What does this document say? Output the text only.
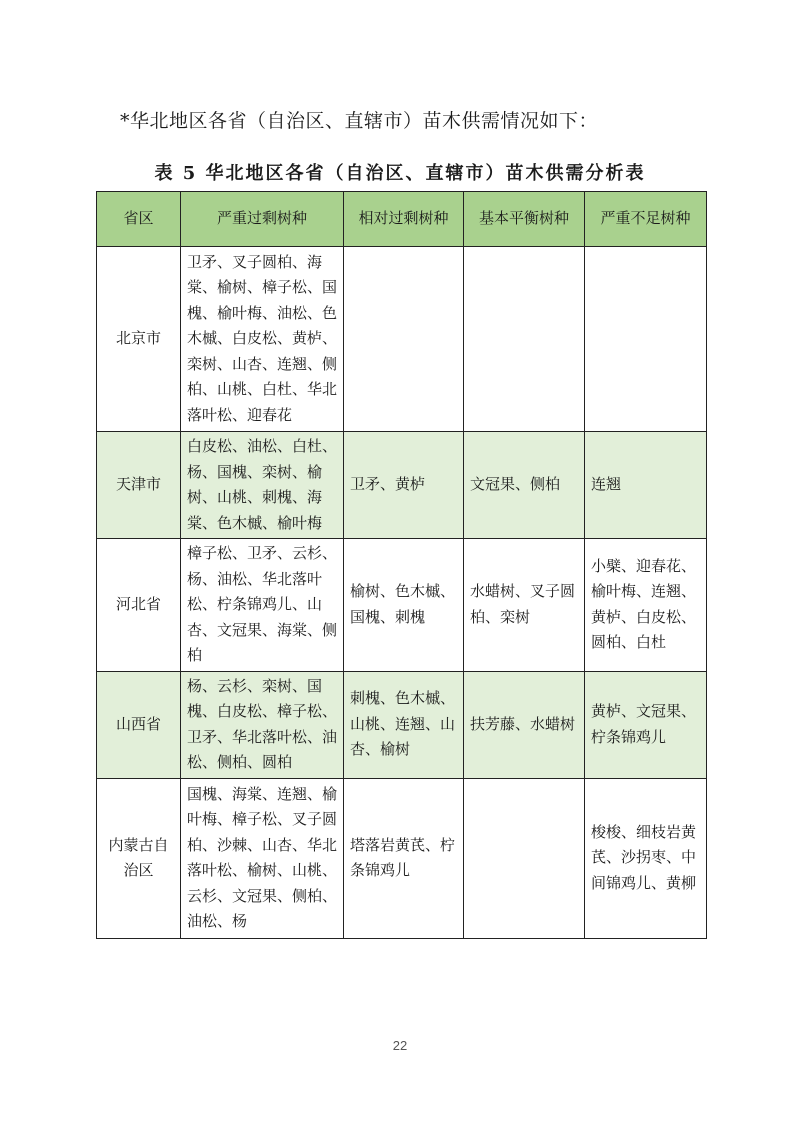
*华北地区各省（自治区、直辖市）苗木供需情况如下：
表 5 华北地区各省（自治区、直辖市）苗木供需分析表
省区	严重过剩树种	相对过剩树种	基本平衡树种	严重不足树种
北京市	卫矛、叉子圆柏、海棠、榆树、樟子松、国槐、榆叶梅、油松、色木槭、白皮松、黄栌、栾树、山杏、连翘、侧柏、山桃、白杜、华北落叶松、迎春花			
天津市	白皮松、油松、白杜、杨、国槐、栾树、榆树、山桃、刺槐、海棠、色木槭、榆叶梅	卫矛、黄栌	文冠果、侧柏	连翘
河北省	樟子松、卫矛、云杉、杨、油松、华北落叶松、柠条锦鸡儿、山杏、文冠果、海棠、侧柏	榆树、色木槭、国槐、刺槐	水蜡树、叉子圆柏、栾树	小檗、迎春花、榆叶梅、连翘、黄栌、白皮松、圆柏、白杜
山西省	杨、云杉、栾树、国槐、白皮松、樟子松、卫矛、华北落叶松、油松、侧柏、圆柏	刺槐、色木槭、山桃、连翘、山杏、榆树	扶芳藤、水蜡树	黄栌、文冠果、柠条锦鸡儿
内蒙古自治区	国槐、海棠、连翘、榆叶梅、樟子松、叉子圆柏、沙棘、山杏、华北落叶松、榆树、山桃、云杉、文冠果、侧柏、油松、杨	塔落岩黄芪、柠条锦鸡儿		梭梭、细枝岩黄芪、沙拐枣、中间锦鸡儿、黄柳
22
